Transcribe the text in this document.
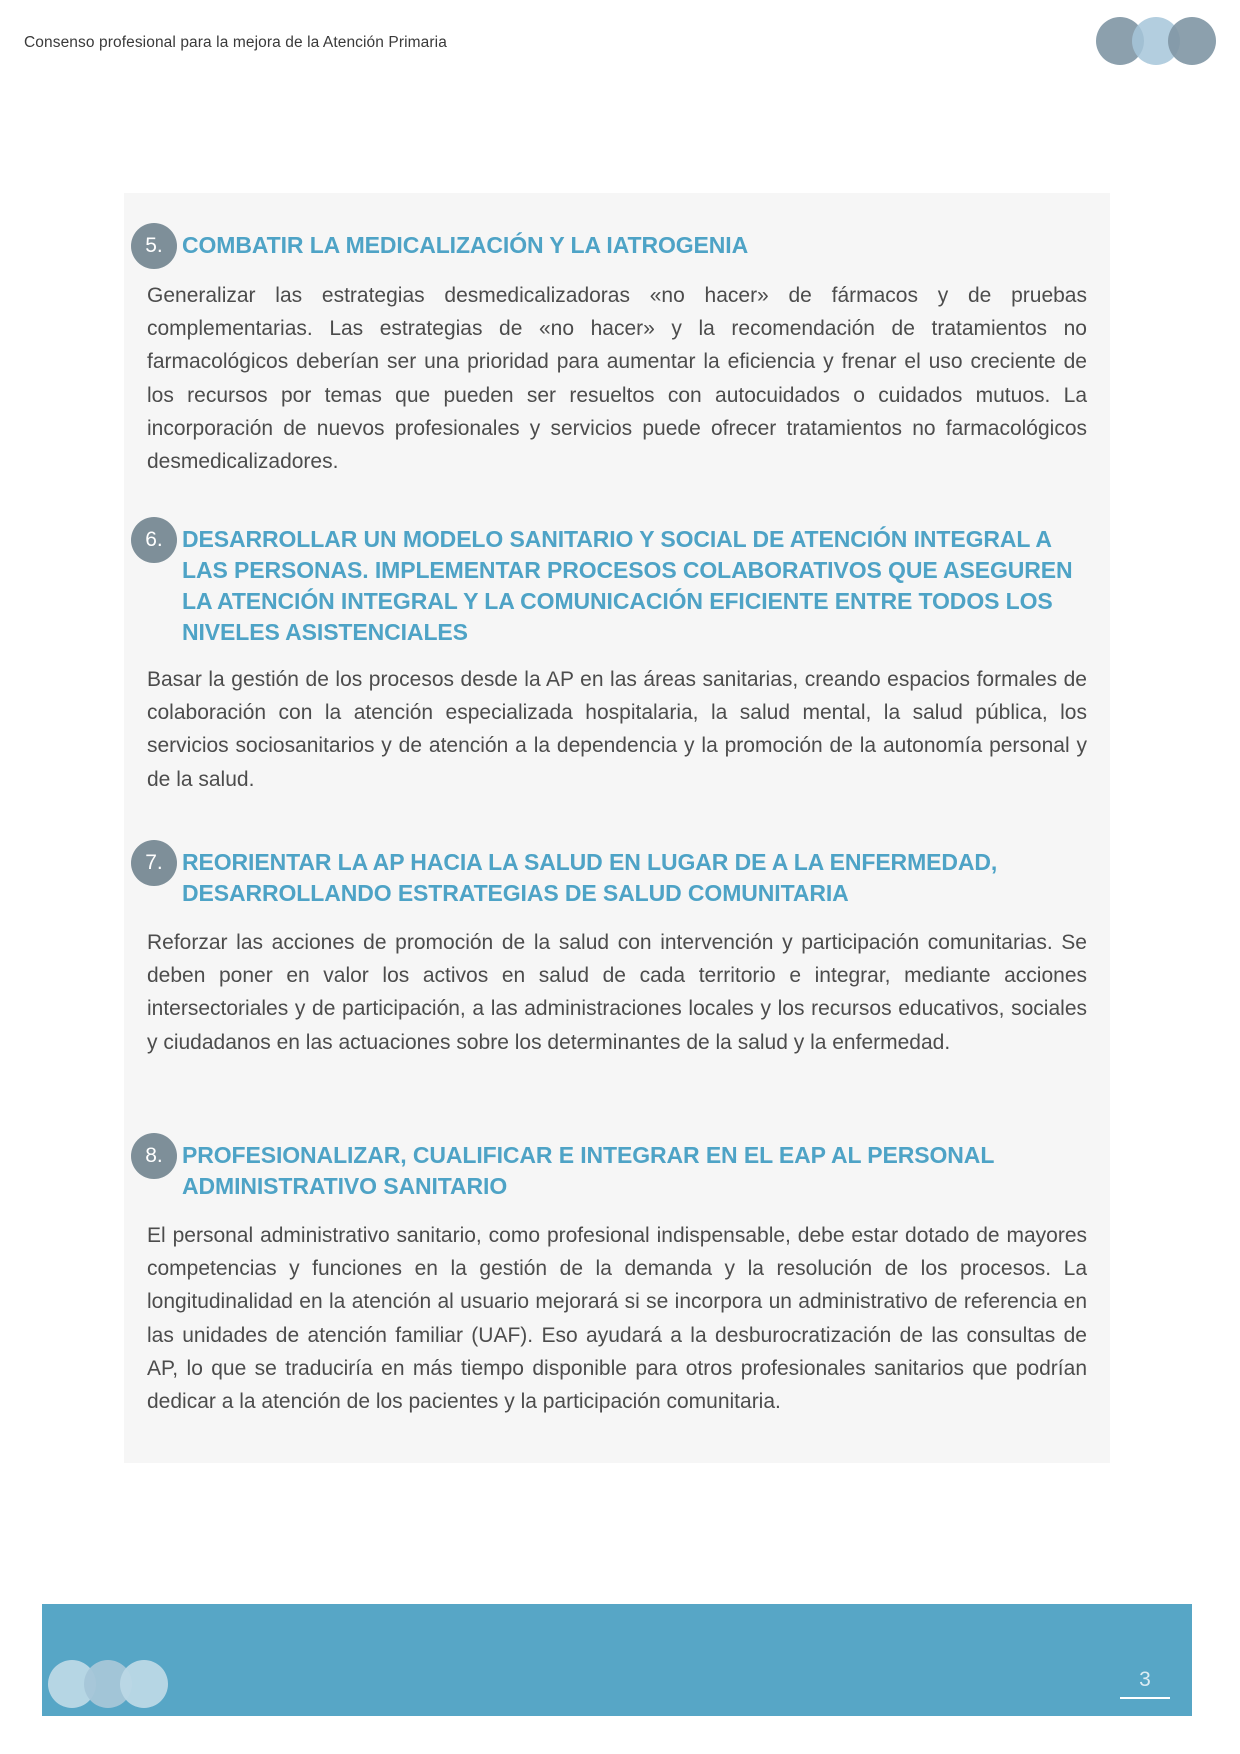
Consenso profesional para la mejora de la Atención Primaria
5. COMBATIR LA MEDICALIZACIÓN Y LA IATROGENIA
Generalizar las estrategias desmedicalizadoras «no hacer» de fármacos y de pruebas complementarias. Las estrategias de «no hacer» y la recomendación de tratamientos no farmacológicos deberían ser una prioridad para aumentar la eficiencia y frenar el uso creciente de los recursos por temas que pueden ser resueltos con autocuidados o cuidados mutuos. La incorporación de nuevos profesionales y servicios puede ofrecer tratamientos no farmacológicos desmedicalizadores.
6. DESARROLLAR UN MODELO SANITARIO Y SOCIAL DE ATENCIÓN INTEGRAL A LAS PERSONAS. IMPLEMENTAR PROCESOS COLABORATIVOS QUE ASEGUREN LA ATENCIÓN INTEGRAL Y LA COMUNICACIÓN EFICIENTE ENTRE TODOS LOS NIVELES ASISTENCIALES
Basar la gestión de los procesos desde la AP en las áreas sanitarias, creando espacios formales de colaboración con la atención especializada hospitalaria, la salud mental, la salud pública, los servicios sociosanitarios y de atención a la dependencia y la promoción de la autonomía personal y de la salud.
7. REORIENTAR LA AP HACIA LA SALUD EN LUGAR DE A LA ENFERMEDAD, DESARROLLANDO ESTRATEGIAS DE SALUD COMUNITARIA
Reforzar las acciones de promoción de la salud con intervención y participación comunitarias. Se deben poner en valor los activos en salud de cada territorio e integrar, mediante acciones intersectoriales y de participación, a las administraciones locales y los recursos educativos, sociales y ciudadanos en las actuaciones sobre los determinantes de la salud y la enfermedad.
8. PROFESIONALIZAR, CUALIFICAR E INTEGRAR EN EL EAP AL PERSONAL ADMINISTRATIVO SANITARIO
El personal administrativo sanitario, como profesional indispensable, debe estar dotado de mayores competencias y funciones en la gestión de la demanda y la resolución de los procesos. La longitudinalidad en la atención al usuario mejorará si se incorpora un administrativo de referencia en las unidades de atención familiar (UAF). Eso ayudará a la desburocratización de las consultas de AP, lo que se traduciría en más tiempo disponible para otros profesionales sanitarios que podrían dedicar a la atención de los pacientes y la participación comunitaria.
3
